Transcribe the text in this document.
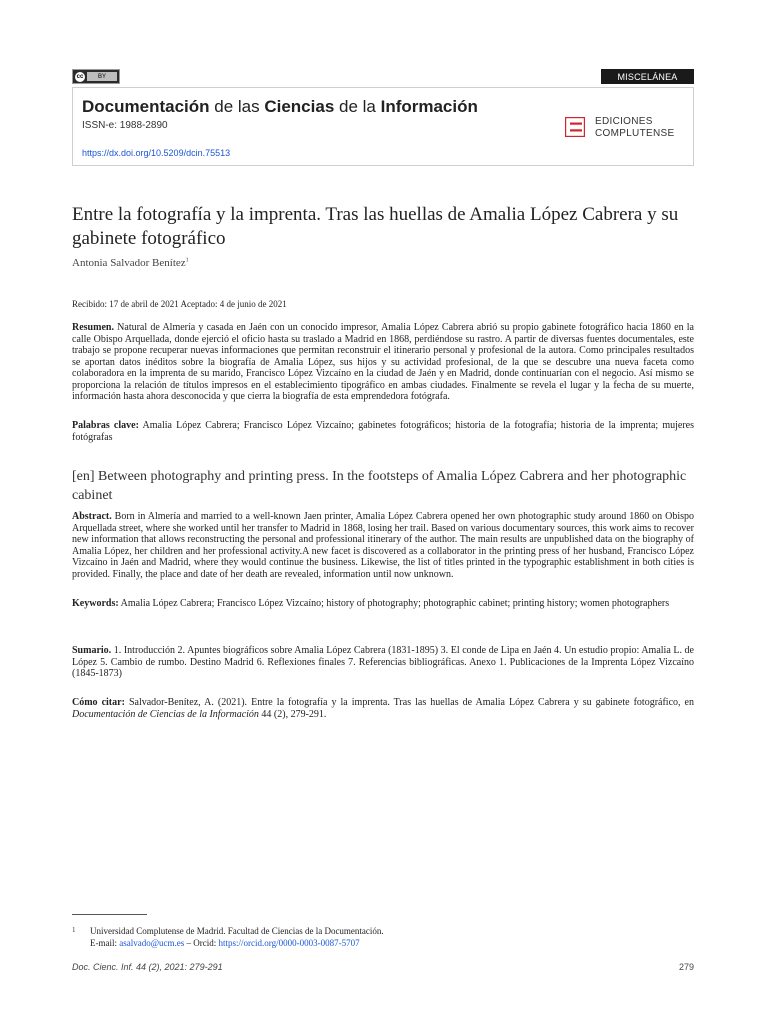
cc	BY	MISCELÁNEA
Documentación de las Ciencias de la Información
ISSN-e: 1988-2890
https://dx.doi.org/10.5209/dcin.75513
EDICIONES
COMPLUTENSE
Entre la fotografía y la imprenta. Tras las huellas de Amalia López Cabrera y su gabinete fotográfico
Antonia Salvador Benítez$^1$
Recibido: 17 de abril de 2021 Aceptado: 4 de junio de 2021

Resumen. Natural de Almería y casada en Jaén con un conocido impresor, Amalia López Cabrera abrió su propio gabinete fotográfico hacia 1860 en la calle Obispo Arquellada, donde ejerció el oficio hasta su traslado a Madrid en 1868, perdiéndose su rastro. A partir de diversas fuentes documentales, este trabajo se propone recuperar nuevas informaciones que permitan reconstruir el itinerario personal y profesional de la autora. Como principales resultados se aportan datos inéditos sobre la biografía de Amalia López, sus hijos y su actividad profesional, de la que se descubre una nueva faceta como colaboradora en la imprenta de su marido, Francisco López Vizcaíno en la ciudad de Jaén y en Madrid, donde continuarían con el negocio. Así mismo se proporciona la relación de títulos impresos en el establecimiento tipográfico en ambas ciudades. Finalmente se revela el lugar y la fecha de su muerte, información hasta ahora desconocida y que cierra la biografía de esta emprendedora fotógrafa.

Palabras clave: Amalia López Cabrera; Francisco López Vizcaíno; gabinetes fotográficos; historia de la fotografía; historia de la imprenta; mujeres fotógrafas

[en] Between photography and printing press. In the footsteps of Amalia López Cabrera and her photographic cabinet

Abstract. Born in Almería and married to a well-known Jaen printer, Amalia López Cabrera opened her own photographic study around 1860 on Obispo Arquellada street, where she worked until her transfer to Madrid in 1868, losing her trail. Based on various documentary sources, this work aims to recover new information that allows reconstructing the personal and professional itinerary of the author. The main results are unpublished data on the biography of Amalia López, her children and her professional activity.A new facet is discovered as a collaborator in the printing press of her husband, Francisco López Vizcaíno in Jaén and Madrid, where they would continue the business. Likewise, the list of titles printed in the typographic establishment in both cities is provided. Finally, the place and date of her death are revealed, information until now unknown.

Keywords: Amalia López Cabrera; Francisco López Vizcaíno; history of photography; photographic cabinet; printing history; women photographers

Sumario. 1. Introducción 2. Apuntes biográficos sobre Amalia López Cabrera (1831-1895) 3. El conde de Lipa en Jaén 4. Un estudio propio: Amalia L. de López 5. Cambio de rumbo. Destino Madrid 6. Reflexiones finales 7. Referencias bibliográficas. Anexo 1. Publicaciones de la Imprenta López Vizcaíno (1845-1873)

Cómo citar: Salvador-Benítez, A. (2021). Entre la fotografía y la imprenta. Tras las huellas de Amalia López Cabrera y su gabinete fotográfico, en Documentación de Ciencias de la Información 44 (2), 279-291.

1 Universidad Complutense de Madrid. Facultad de Ciencias de la Documentación.
E-mail: asalvado@ucm.es – Orcid: https://orcid.org/0000-0003-0087-5707
Doc. Cienc. Inf. 44 (2), 2021: 279-291	279
